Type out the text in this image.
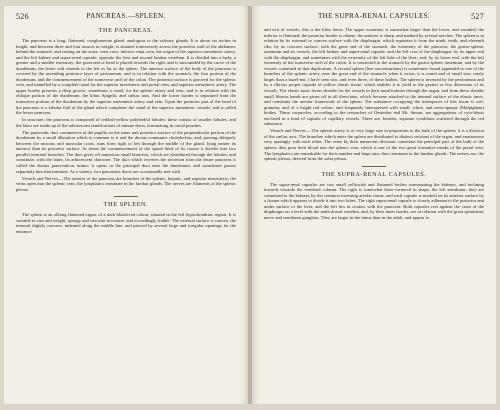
526	PANCREAS.—SPLEEN.
THE PANCREAS.

The pancreas is a long, flattened, conglomerate gland, analogous to the salivary glands. It is about six inches in length, and between three and four ounces in weight; is situated transversely across the posterior wall of the abdomen, behind the stomach, and resting on the aorta, vena cava, inferior vena cava, the origin of the superior mesenteric artery, and the left kidney and supra-renal capsule; opposite the first and second lumbar vertebræ. It is divided into a body, a greater and a smaller extremity: the great end or head is placed towards the right, and is surrounded by the curve of the duodenum; the lesser end extends to the left as far as the spleen. The anterior surface of the body of the pancreas is covered by the ascending posterior layer of peritoneum, and is in relation with the stomach, the first portion of the duodenum, and the commencement of the transverse arch of the colon. The posterior surface is grooved for the splenic vein, and tunnelled by a complete canal for the superior mesenteric and portal vein, and superior mesenteric artery. The upper border presents a deep groove, sometimes a canal, for the splenic artery and vein, and is in relation with the oblique portion of the duodenum, the lobus Spigelii, and cœliac axis. And the lower border is separated from the transverse portion of the duodenum by the superior mesenteric artery and vein. Upon the posterior part of the head of the pancreas is a lobular fold of the gland which completes the canal of the superior mesenteric vessels, and is called the lesser pancreas.

In structure, the pancreas is composed of reddish-yellow polyhedral lobules; these consist of smaller lobules, and the latter are made up of the arborescent ramifications of minute ducts, terminating in cæcal pouches.

The pancreatic duct commences at the papilla on the inner and posterior surface of the perpendicular portion of the duodenum by a small dilatation which is common to it and the ductus communis choledochus, and, passing obliquely between the mucous and muscular coats, runs from right to left through the middle of the gland, lying nearer its anterior than its posterior surface. At about the commencement of the spinal third of its course it divides into two parallel terminal branches. The duct gives off numerous small branches, which are distributed through the lobules, and constitute, with the latter, its arborescent character. The duct which receives the secretion from the lesser pancreas is called the ductus pancreaticus minor; it opens in the principal duct near the duodenum, and sometimes passes separately into that intestine. As a variety, two pancreatic ducts are occasionally met with.

Vessels and Nerves.—The arteries of the pancreas are branches of the splenic, hepatic, and superior mesenteric; the veins open into the splenic vein; the lymphatics terminate in the lumbar glands. The nerves are filaments of the splenic plexus.

THE SPLEEN.

The spleen is an oblong flattened organ, of a dark bluish-red colour, situated in the left hypochondriac region. It is variable in size and weight, spongy and vascular in texture, and exceedingly friable. The external surface is convex, the internal slightly concave, indented along the middle line, and pierced by several large and irregular openings for the entrance

THE SUPRA-RENAL CAPSULES.	527

and exit of vessels; this is the hilus lienis. The upper extremity is somewhat larger than the lower, and rounded; the inferior is flattened; the posterior border is obtuse, the anterior is sharp, and marked by several notches. The spleen is in relation by its external or convex surface with the diaphragm, which separates it from the ninth, tenth, and eleventh ribs; by its concave surface, with the great end of the stomach, the extremity of the pancreas, the gastro-splenic omentum and its vessels, the left kidney and supra-renal capsule, and the left crus of the diaphragm; by its upper end with the diaphragm, and sometimes with the extremity of the left lobe of the liver; and, by its lower end, with the left extremity of the transverse arch of the colon. It is connected to the stomach by the gastro-splenic omentum, and by the vessels contained in that duplicature. A second spleen (lien succenturiatus) is sometimes found appended to one of the branches of the splenic artery, near the great end of the stomach; when it exists, it is round and of small size, rarely larger than a hazel-nut. I have seen two, and even three, of these bodies. The spleen is invested by the peritoneum and by a fibrous proper capsule of yellow elastic tissue, which enables it to yield to the greater or less distension of its vessels. The elastic tunic forms sheaths for the vessels in their ramifications through the organ, and from these sheaths small fibrous bands are given off in all directions, which become attached to the internal surface of the elastic tunic, and constitute the areolar framework of the spleen. The substance occupying the interspaces of this tissue is soft, granular, and of a bright red colour; and frequently interspersed with small, white, and semi-opaque (Malpighian) bodies. These corpuscles, according to the researches of Oesterlen and Mr. Simon, are aggregations of cyto-blasts enclosed in a kind of capsule of capillary vessels. There are, besides, separate cytoblasts scattered through the red substance.

Vessels and Nerves.—The splenic artery is of very large size in proportion to the bulk of the spleen; it is a division of the cœliac axis. The branches which enter the spleen are distributed to distinct sections of the organ, and anastomose very sparingly with each other. The veins by their numerous divisions constitute the principal part of the bulk of the spleen; they pour their blood into the splenic vein, which is one of the two great formative trunks of the portal vein. The lymphatics are remarkable for their number and large size; they terminate in the lumbar glands. The nerves are, the splenic plexus, derived from the solar plexus.

THE SUPRA-RENAL CAPSULES.

The supra-renal capsules are two small yellowish and flattened bodies surmounting the kidneys, and inclining inwards towards the vertebral column. The right is somewhat three-cornered in shape, the left semilunar; they are connected to the kidneys by the common investing areolar tissue, and each capsule is marked on its anterior surface by a fissure which appears to divide it into two lobes. The right supra-renal capsule is closely adherent to the posterior and under surface of the liver, and the left lies in contact with the pancreas. Both capsules rest against the crura of the diaphragm on a level with the tenth dorsal vertebra, and, by their inner border, are in relation with the great splanchnic nerve and semilunar ganglion. They are larger in the fœtus than in the adult, and appear to
